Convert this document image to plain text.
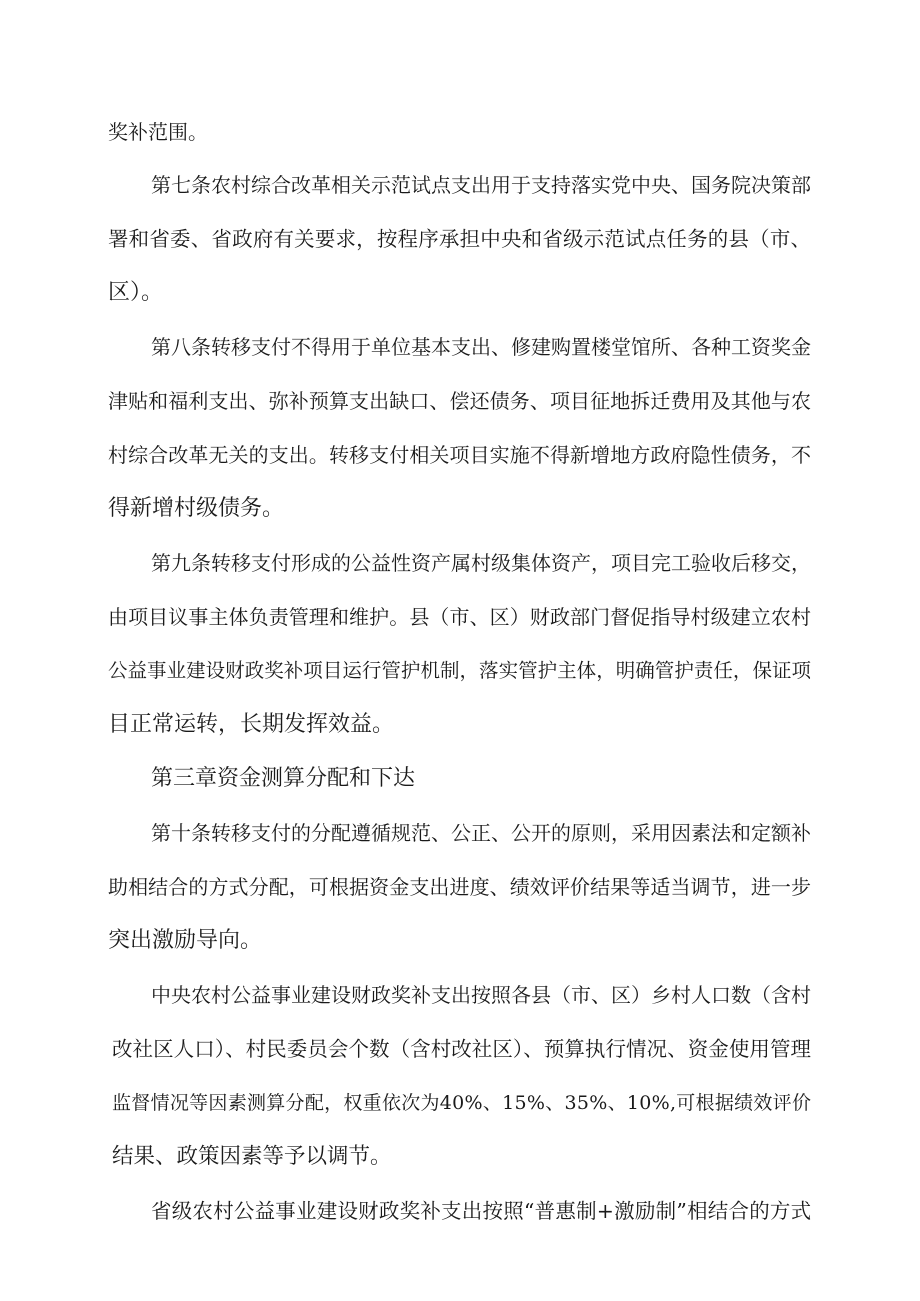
奖补范围。
第七条农村综合改革相关示范试点支出用于支持落实党中央、国务院决策部
署和省委、省政府有关要求，按程序承担中央和省级示范试点任务的县（市、
区）。
第八条转移支付不得用于单位基本支出、修建购置楼堂馆所、各种工资奖金
津贴和福利支出、弥补预算支出缺口、偿还债务、项目征地拆迁费用及其他与农
村综合改革无关的支出。转移支付相关项目实施不得新增地方政府隐性债务，不
得新增村级债务。
第九条转移支付形成的公益性资产属村级集体资产，项目完工验收后移交，
由项目议事主体负责管理和维护。县（市、区）财政部门督促指导村级建立农村
公益事业建设财政奖补项目运行管护机制，落实管护主体，明确管护责任，保证项
目正常运转，长期发挥效益。
第三章资金测算分配和下达
第十条转移支付的分配遵循规范、公正、公开的原则，采用因素法和定额补
助相结合的方式分配，可根据资金支出进度、绩效评价结果等适当调节，进一步
突出激励导向。
中央农村公益事业建设财政奖补支出按照各县（市、区）乡村人口数（含村
改社区人口）、村民委员会个数（含村改社区）、预算执行情况、资金使用管理
监督情况等因素测算分配，权重依次为40%、15%、35%、10%,可根据绩效评价
结果、政策因素等予以调节。
省级农村公益事业建设财政奖补支出按照“普惠制+激励制”相结合的方式
